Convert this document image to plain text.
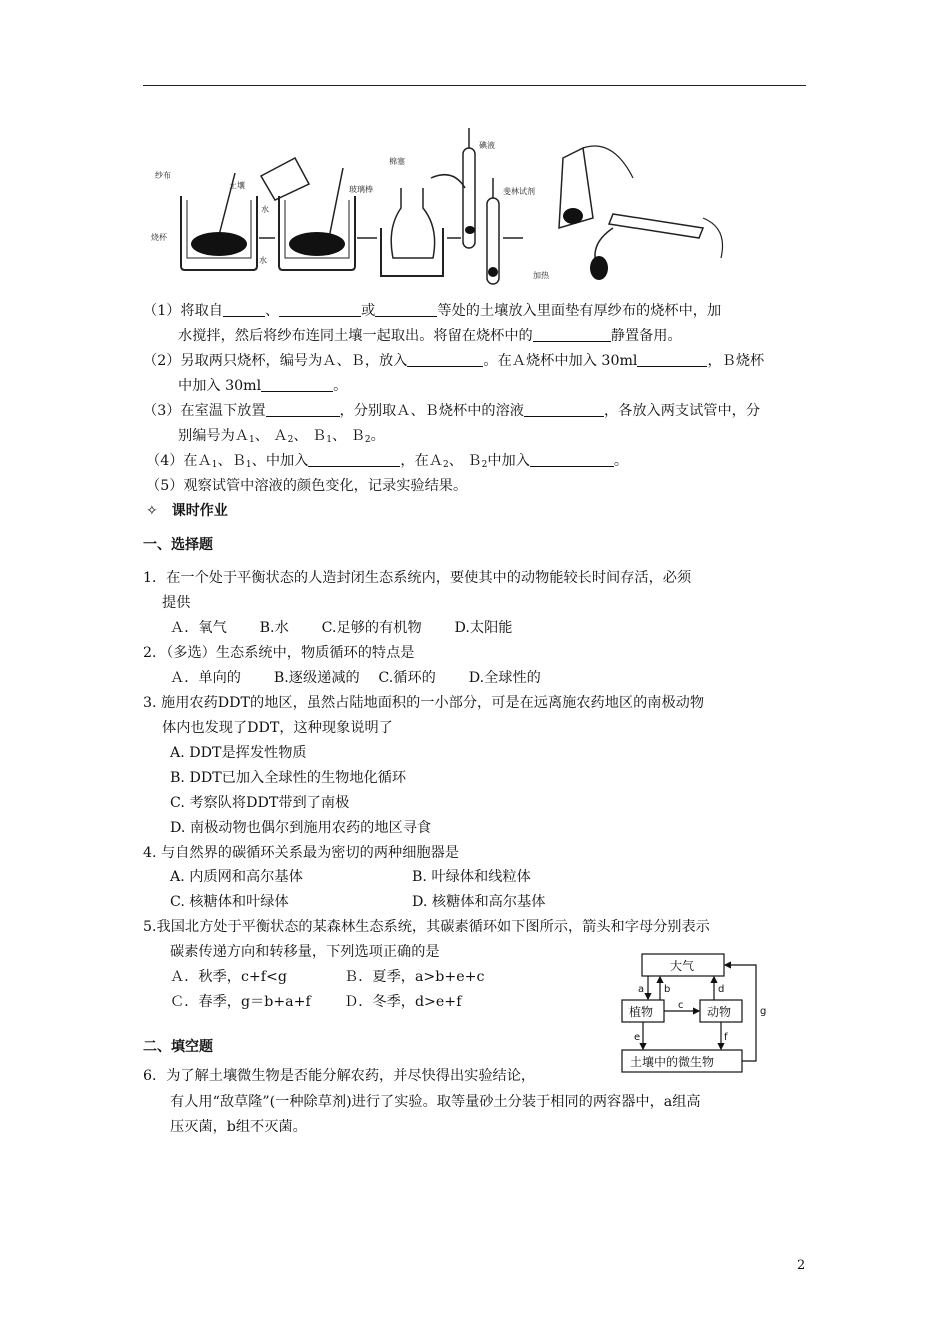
纱布
土壤
烧杯
水
水
玻璃棒
棉塞
碘液
斐林试剂
加热
（1）将取自	、	或	等处的土壤放入里面垫有厚纱布的烧杯中，加
水搅拌，然后将纱布连同土壤一起取出。将留在烧杯中的	静置备用。
（2）另取两只烧杯，编号为Ａ、Ｂ，放入	。在Ａ烧杯中加入 30ml	，Ｂ烧杯
中加入 30ml	。
（3）在室温下放置	，分别取Ａ、Ｂ烧杯中的溶液	，各放入两支试管中，分
别编号为Ａ$_1$、 Ａ$_2$、 Ｂ$_1$、 Ｂ$_2$。
（4）在Ａ$_1$、Ｂ$_1$、中加入	，在Ａ$_2$、 Ｂ$_2$中加入	。
（5）观察试管中溶液的颜色变化，记录实验结果。
✧　课时作业
一、选择题
1．在一个处于平衡状态的人造封闭生态系统内，要使其中的动物能较长时间存活，必须
提供
Ａ．氧气　　 B.水　　 C.足够的有机物　　 D.太阳能
2．（多选）生态系统中，物质循环的特点是
Ａ．单向的　　 B.逐级递减的　 C.循环的　　 D.全球性的
3. 施用农药DDT的地区，虽然占陆地面积的一小部分，可是在远离施农药地区的南极动物
体内也发现了DDT，这种现象说明了
A. DDT是挥发性物质
B. DDT已加入全球性的生物地化循环
C. 考察队将DDT带到了南极
D. 南极动物也偶尔到施用农药的地区寻食
4. 与自然界的碳循环关系最为密切的两种细胞器是
A. 内质网和高尔基体	B. 叶绿体和线粒体
C. 核糖体和叶绿体	D. 核糖体和高尔基体
5.我国北方处于平衡状态的某森林生态系统，其碳素循环如下图所示，箭头和字母分别表示
碳素传递方向和转移量，下列选项正确的是
Ａ．秋季，c+f<g	Ｂ．夏季，a>b+e+c
Ｃ．春季，g＝b+a+f Ｄ．冬季，d>e+f
大气
植物	动物
土壤中的微生物
a b
c
d
e	f
g
二、填空题
6．为了解土壤微生物是否能分解农药，并尽快得出实验结论，
有人用“敌草隆”(一种除草剂)进行了实验。取等量砂土分装于相同的两容器中，a组高
压灭菌，b组不灭菌。
2
